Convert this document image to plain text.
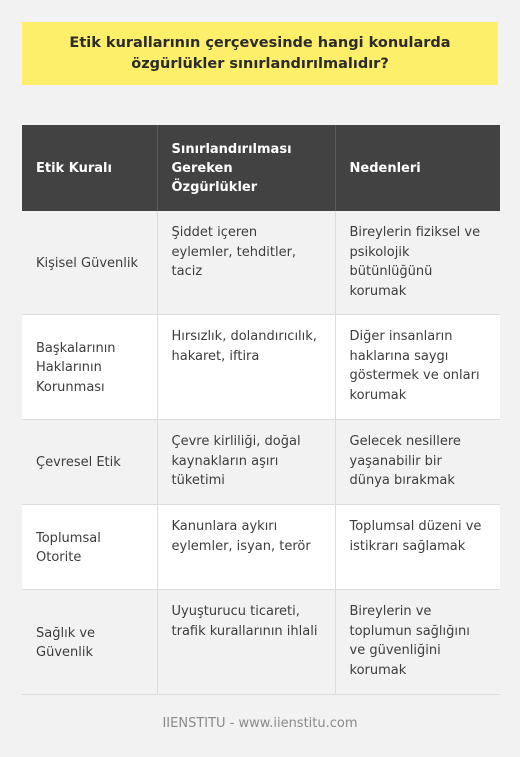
Etik kurallarının çerçevesinde hangi konularda özgürlükler sınırlandırılmalıdır?
Etik Kuralı	Sınırlandırılması Gereken Özgürlükler	Nedenleri
Kişisel Güvenlik	Şiddet içeren eylemler, tehditler, taciz	Bireylerin fiziksel ve psikolojik bütünlüğünü korumak
Başkalarının Haklarının Korunması	Hırsızlık, dolandırıcılık, hakaret, iftira	Diğer insanların haklarına saygı göstermek ve onları korumak
Çevresel Etik	Çevre kirliliği, doğal kaynakların aşırı tüketimi	Gelecek nesillere yaşanabilir bir dünya bırakmak
Toplumsal Otorite	Kanunlara aykırı eylemler, isyan, terör	Toplumsal düzeni ve istikrarı sağlamak
Sağlık ve Güvenlik	Uyuşturucu ticareti, trafik kurallarının ihlali	Bireylerin ve toplumun sağlığını ve güvenliğini korumak
IIENSTITU - www.iienstitu.com
